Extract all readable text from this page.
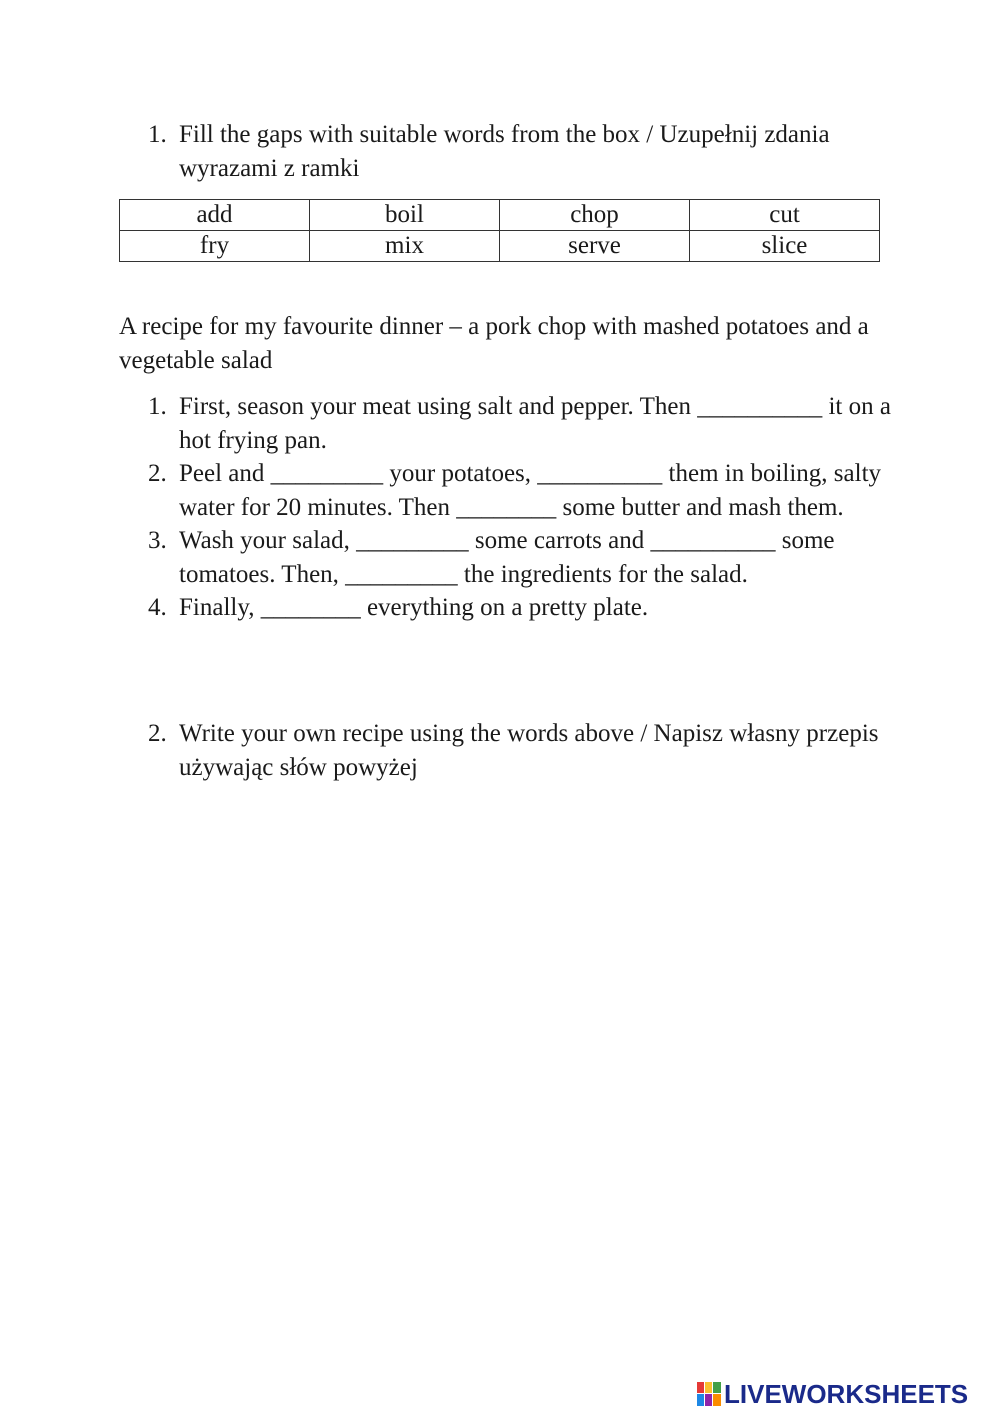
1. Fill the gaps with suitable words from the box / Uzupełnij zdania wyrazami z ramki
add	boil	chop	cut
fry	mix	serve	slice
A recipe for my favourite dinner – a pork chop with mashed potatoes and a vegetable salad
1. First, season your meat using salt and pepper. Then __________ it on a hot frying pan.
2. Peel and _________ your potatoes, __________ them in boiling, salty water for 20 minutes. Then ________ some butter and mash them.
3. Wash your salad, _________ some carrots and __________ some tomatoes. Then, _________ the ingredients for the salad.
4. Finally, ________ everything on a pretty plate.
2. Write your own recipe using the words above / Napisz własny przepis używając słów powyżej
LIVEWORKSHEETS
